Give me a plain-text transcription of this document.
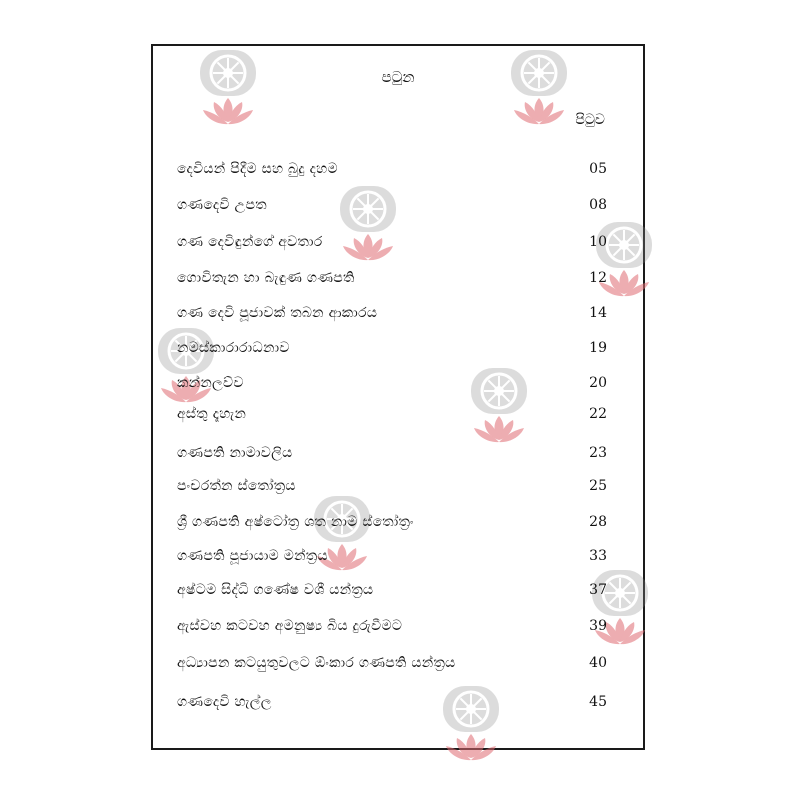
පටුන
පිටුව
දෙවියන් පිදීම සහ බුදු දහම	05
ගණදෙවි උපත	08
ගණ දෙවිඳුන්ගේ අවතාර	10
ගොවිතැන හා බැඳුණ ගණපති	12
ගණ දෙවි පූජාවක් තබන ආකාරය	14
නමස්කාරාරාධනාව	19
කන්නලව්ව	20
අස්තු දෑහැන	22
ගණපති නාමාවලිය	23
පංචරත්න ස්තෝත්‍රය	25
ශ්‍රී ගණපති අෂ්ටෝත්‍ර ශත නාම ස්තෝත්‍රං	28
ගණපති පූජායාම මන්ත්‍රය	33
අෂ්ටම සිද්ධි ගණේෂ වශී යන්ත්‍රය	37
ඇස්වහ කටවහ අමනුෂ්‍ය බිය දුරුවීමට	39
අධ්‍යාපන කටයුතුවලට ඕංකාර ගණපති යන්ත්‍රය	40
ගණදෙවි හැල්ල	45
